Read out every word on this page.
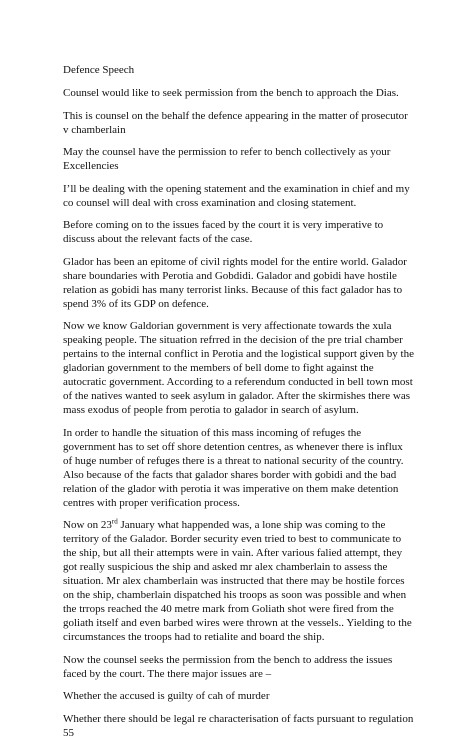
Defence Speech

Counsel would like to seek permission from the bench to approach the Dias.

This is counsel on the behalf the defence appearing in the matter of prosecutor v chamberlain

May the counsel have the permission to refer to bench collectively as your Excellencies

I’ll be dealing with the opening statement and the examination in chief and my co counsel will deal with cross examination and closing statement.

Before coming on to the issues faced by the court it is very imperative to discuss about the relevant facts of the case.

Glador has been an epitome of civil rights model for the entire world. Galador share boundaries with Perotia and Gobdidi. Galador and gobidi have hostile relation as gobidi has many terrorist links. Because of this fact galador has to spend 3% of its GDP on defence.

Now we know Galdorian government is very affectionate towards the xula speaking people. The situation refrred in the decision of the pre trial chamber pertains to the internal conflict in Perotia and the logistical support given by the gladorian government to the members of bell dome to fight against the autocratic government. According to a referendum conducted in bell town most of the natives wanted to seek asylum in galador. After the skirmishes there was mass exodus of people from perotia to galador in search of asylum.

In order to handle the situation of this mass incoming of refuges the government has to set off shore detention centres, as whenever there is influx of huge number of refuges there is a threat to national security of the country. Also because of the facts that galador shares border with gobidi and the bad relation of the glador with perotia it was imperative on them make detention centres with proper verification process.

Now on 23rd January what happended was, a lone ship was coming to the territory of the Galador. Border security even tried to best to communicate to the ship, but all their attempts were in vain. After various falied attempt, they got really suspicious the ship and asked mr alex chamberlain to assess the situation. Mr alex chamberlain was instructed that there may be hostile forces on the ship, chamberlain dispatched his troops as soon was possible and when the trrops reached the 40 metre mark from Goliath shot were fired from the goliath itself and even barbed wires were thrown at the vessels.. Yielding to the circumstances the troops had to retialite and board the ship.

Now the counsel seeks the permission from the bench to address the issues faced by the court. The there major issues are –

Whether the accused is guilty of cah of murder

Whether there should be legal re characterisation of facts pursuant to regulation 55
